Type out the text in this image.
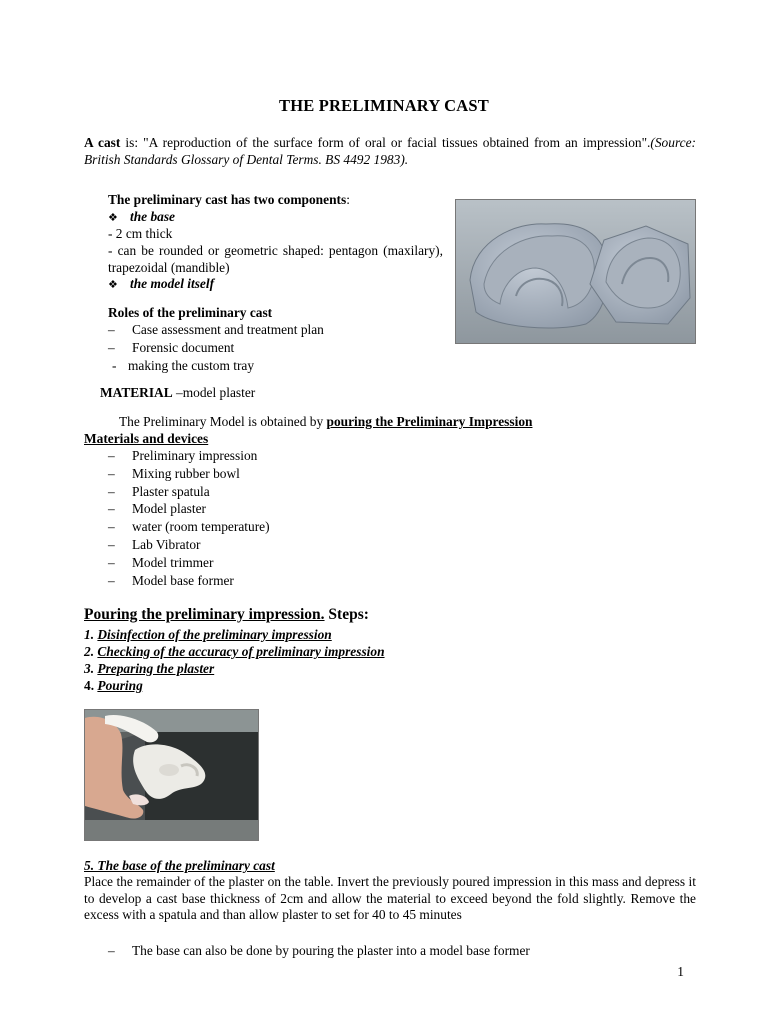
THE PRELIMINARY CAST
A cast is: "A reproduction of the surface form of oral or facial tissues obtained from an impression".(Source: British Standards Glossary of Dental Terms. BS 4492 1983).
The preliminary cast has two components:
❖ the base
- 2 cm thick
- can be rounded or geometric shaped: pentagon (maxilary), trapezoidal (mandible)
❖ the model itself
Roles of the preliminary cast
– Case assessment and treatment plan
– Forensic document
- making the custom tray
MATERIAL –model plaster
The Preliminary Model is obtained by pouring the Preliminary Impression
Materials and devices
– Preliminary impression
– Mixing rubber bowl
– Plaster spatula
– Model plaster
– water (room temperature)
– Lab Vibrator
– Model trimmer
– Model base former
Pouring the preliminary impression. Steps:
1. Disinfection of the preliminary impression
2. Checking of the accuracy of preliminary impression
3. Preparing the plaster
4. Pouring
5. The base of the preliminary cast
Place the remainder of the plaster on the table. Invert the previously poured impression in this mass and depress it to develop a cast base thickness of 2cm and allow the material to exceed beyond the fold slightly. Remove the excess with a spatula and than allow plaster to set for 40 to 45 minutes
– The base can also be done by pouring the plaster into a model base former
1
